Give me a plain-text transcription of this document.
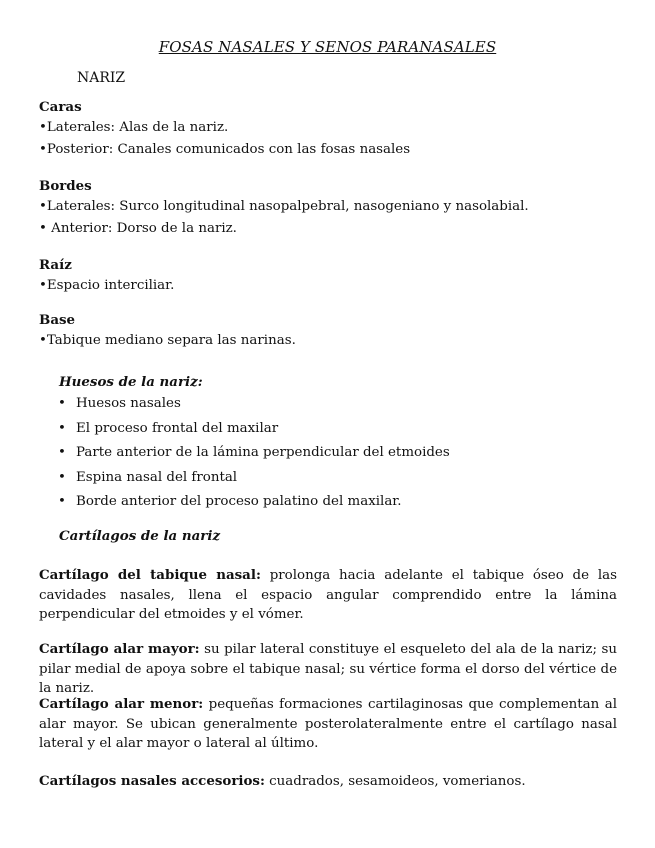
FOSAS NASALES Y SENOS PARANASALES
NARIZ
Caras
•Laterales: Alas de la nariz.
•Posterior: Canales comunicados con las fosas nasales
Bordes
•Laterales: Surco longitudinal nasopalpebral, nasogeniano y nasolabial.
• Anterior: Dorso de la nariz.
Raíz
•Espacio interciliar.
Base
•Tabique mediano separa las narinas.
Huesos de la nariz:
• Huesos nasales
• El proceso frontal del maxilar
• Parte anterior de la lámina perpendicular del etmoides
• Espina nasal del frontal
• Borde anterior del proceso palatino del maxilar.
Cartílagos de la nariz
Cartílago del tabique nasal: prolonga hacia adelante el tabique óseo de las cavidades nasales, llena el espacio angular comprendido entre la lámina perpendicular del etmoides y el vómer.
Cartílago alar mayor: su pilar lateral constituye el esqueleto del ala de la nariz; su pilar medial de apoya sobre el tabique nasal; su vértice forma el dorso del vértice de la nariz.
Cartílago alar menor: pequeñas formaciones cartilaginosas que complementan al alar mayor. Se ubican generalmente posterolateralmente entre el cartílago nasal lateral y el alar mayor o lateral al último.
Cartílagos nasales accesorios: cuadrados, sesamoideos, vomerianos.
